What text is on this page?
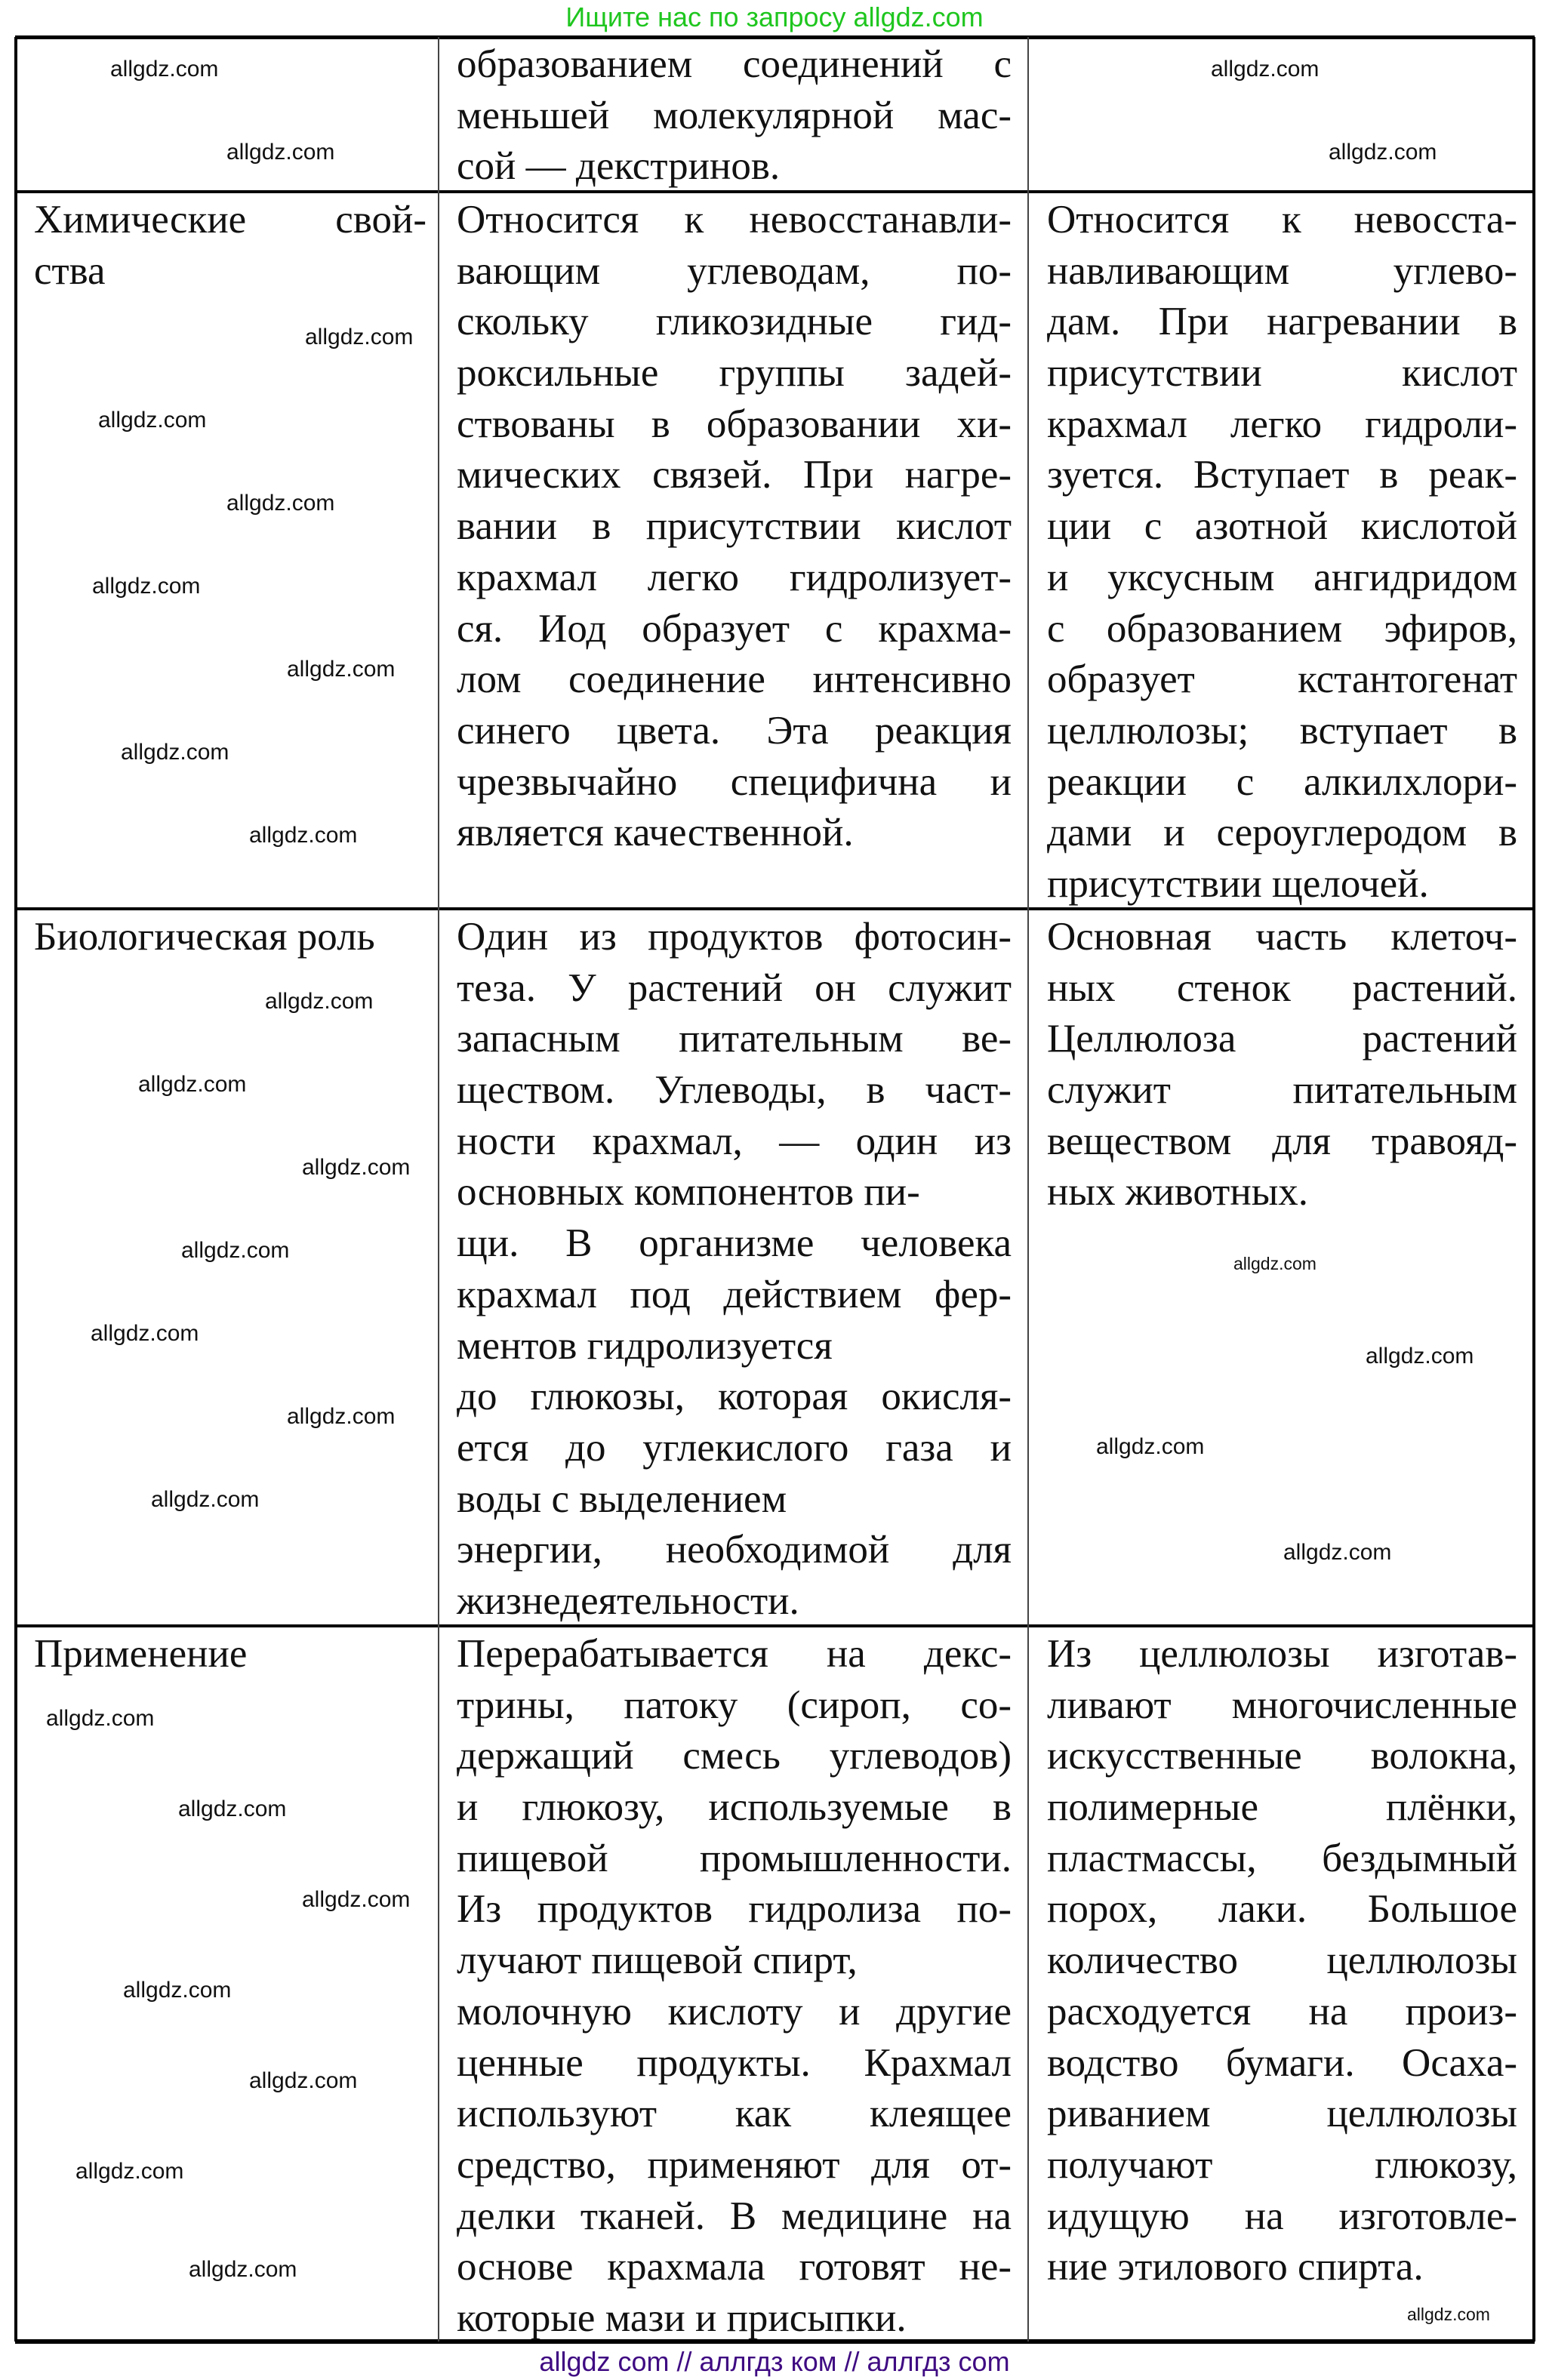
Ищите нас по запросу allgdz.com
образованием соединений с
меньшей молекулярной мас-
сой — декстринов.
Химические свой-
ства
Относится к невосстанавли-
вающим углеводам, по-
скольку гликозидные гид-
роксильные группы задей-
ствованы в образовании хи-
мических связей. При нагре-
вании в присутствии кислот
крахмал легко гидролизует-
ся. Иод образует с крахма-
лом соединение интенсивно
синего цвета. Эта реакция
чрезвычайно специфична и
является качественной.
Относится к невосста-
навливающим углево-
дам. При нагревании в
присутствии кислот
крахмал легко гидроли-
зуется. Вступает в реак-
ции с азотной кислотой
и уксусным ангидридом
с образованием эфиров,
образует кстантогенат
целлюлозы; вступает в
реакции с алкилхлори-
дами и сероуглеродом в
присутствии щелочей.
Биологическая роль	Один из продуктов фотосин-
теза. У растений он служит
запасным питательным ве-
ществом. Углеводы, в част-
ности крахмал, — один из
основных компонентов пи-
щи. В организме человека
крахмал под действием фер-
ментов гидролизуется
до глюкозы, которая окисля-
ется до углекислого газа и
воды с выделением
энергии, необходимой для
жизнедеятельности.
Основная часть клеточ-
ных стенок растений.
Целлюлоза растений
служит питательным
веществом для травояд-
ных животных.
Применение	Перерабатывается на декс-
трины, патоку (сироп, со-
держащий смесь углеводов)
и глюкозу, используемые в
пищевой промышленности.
Из продуктов гидролиза по-
лучают пищевой спирт,
молочную кислоту и другие
ценные продукты. Крахмал
используют как клеящее
средство, применяют для от-
делки тканей. В медицине на
основе крахмала готовят не-
которые мази и присыпки.
Из целлюлозы изготав-
ливают многочисленные
искусственные волокна,
полимерные плёнки,
пластмассы, бездымный
порох, лаки. Большое
количество целлюлозы
расходуется на произ-
водство бумаги. Осаха-
риванием целлюлозы
получают глюкозу,
идущую на изготовле-
ние этилового спирта.
allgdz.com
allgdz.com
allgdz.com
allgdz.com
allgdz.com
allgdz.com
allgdz.com
allgdz.com
allgdz.com
allgdz.com
allgdz.com
allgdz.com
allgdz.com
allgdz.com
allgdz.com
allgdz.com
allgdz.com
allgdz.com
allgdz.com
allgdz.com
allgdz.com
allgdz.com
allgdz.com
allgdz.com
allgdz.com
allgdz.com
allgdz.com
allgdz.com
allgdz.com
allgdz.com
allgdz com // аллгдз ком // аллгдз com
